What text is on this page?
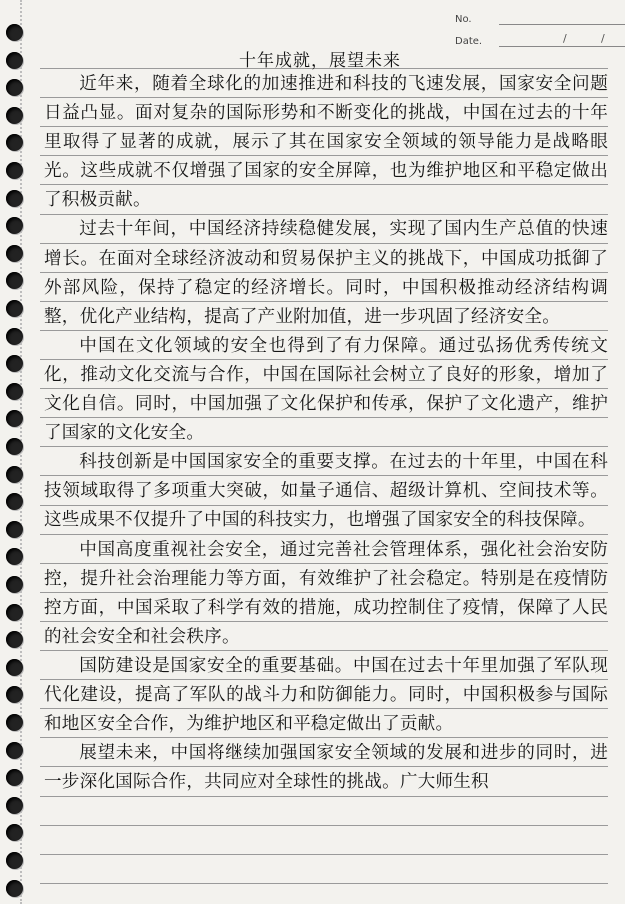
No.
Date.	/	/
十年成就，展望未来

近年来，随着全球化的加速推进和科技的飞速发展，国家安全问题日益凸显。面对复杂的国际形势和不断变化的挑战，中国在过去的十年里取得了显著的成就，展示了其在国家安全领域的领导能力是战略眼光。这些成就不仅增强了国家的安全屏障，也为维护地区和平稳定做出了积极贡献。

过去十年间，中国经济持续稳健发展，实现了国内生产总值的快速增长。在面对全球经济波动和贸易保护主义的挑战下，中国成功抵御了外部风险，保持了稳定的经济增长。同时，中国积极推动经济结构调整，优化产业结构，提高了产业附加值，进一步巩固了经济安全。

中国在文化领域的安全也得到了有力保障。通过弘扬优秀传统文化，推动文化交流与合作，中国在国际社会树立了良好的形象，增加了文化自信。同时，中国加强了文化保护和传承，保护了文化遗产，维护了国家的文化安全。

科技创新是中国国家安全的重要支撑。在过去的十年里，中国在科技领域取得了多项重大突破，如量子通信、超级计算机、空间技术等。这些成果不仅提升了中国的科技实力，也增强了国家安全的科技保障。

中国高度重视社会安全，通过完善社会管理体系，强化社会治安防控，提升社会治理能力等方面，有效维护了社会稳定。特别是在疫情防控方面，中国采取了科学有效的措施，成功控制住了疫情，保障了人民的社会安全和社会秩序。

国防建设是国家安全的重要基础。中国在过去十年里加强了军队现代化建设，提高了军队的战斗力和防御能力。同时，中国积极参与国际和地区安全合作，为维护地区和平稳定做出了贡献。

展望未来，中国将继续加强国家安全领域的发展和进步的同时，进一步深化国际合作，共同应对全球性的挑战。广大师生积
